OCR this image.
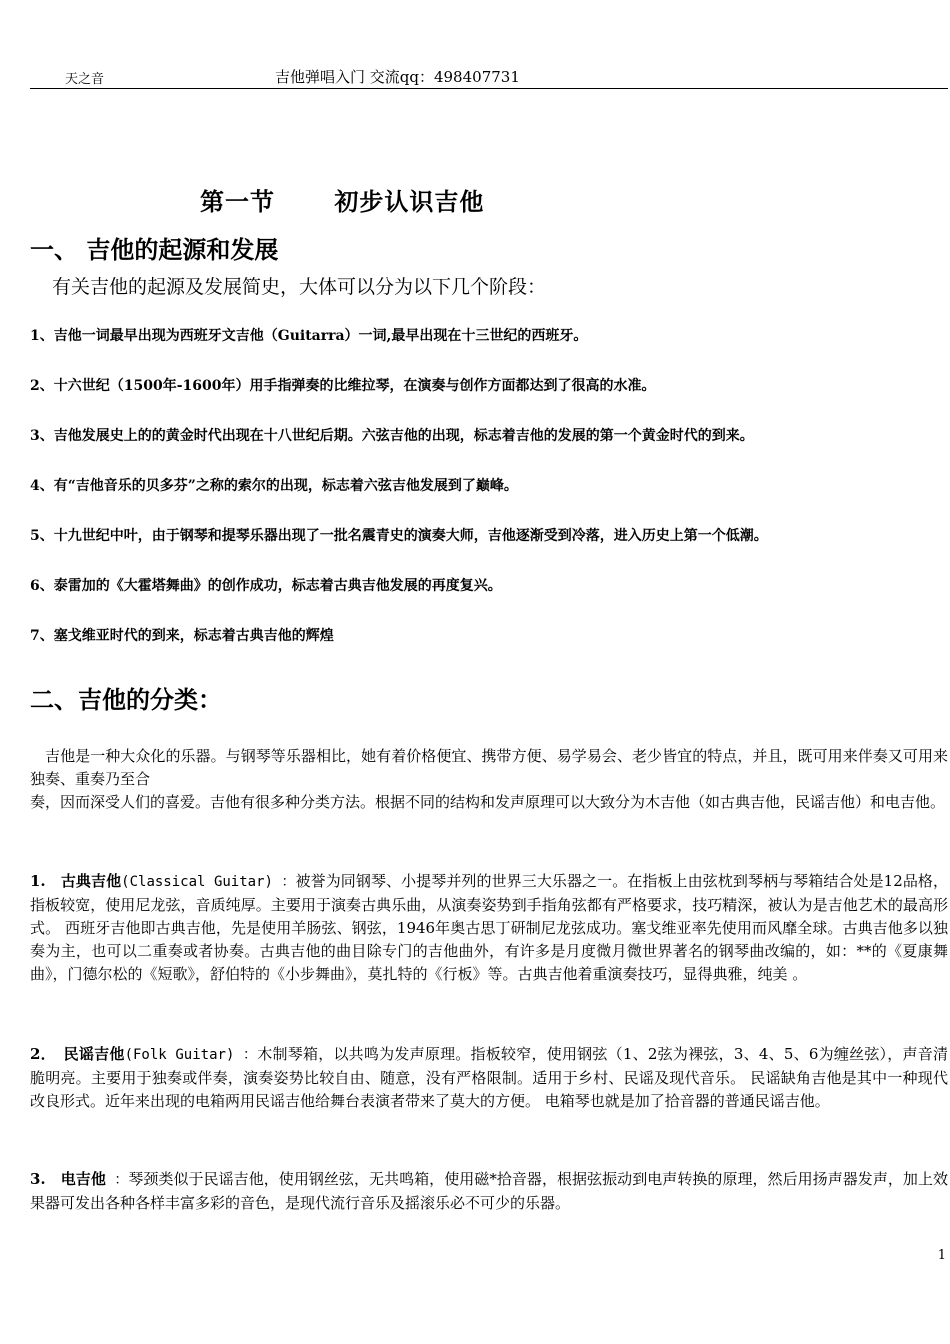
天之音	吉他弹唱入门 交流qq：498407731
第一节　　 初步认识吉他
一、 吉他的起源和发展
有关吉他的起源及发展简史，大体可以分为以下几个阶段：
1、吉他一词最早出现为西班牙文吉他（Guitarra）一词,最早出现在十三世纪的西班牙。
2、十六世纪（1500年-1600年）用手指弹奏的比维拉琴，在演奏与创作方面都达到了很高的水准。
3、吉他发展史上的的黄金时代出现在十八世纪后期。六弦吉他的出现，标志着吉他的发展的第一个黄金时代的到来。
4、有“吉他音乐的贝多芬”之称的索尔的出现，标志着六弦吉他发展到了巅峰。
5、十九世纪中叶，由于钢琴和提琴乐器出现了一批名震青史的演奏大师，吉他逐渐受到冷落，进入历史上第一个低潮。
6、泰雷加的《大霍塔舞曲》的创作成功，标志着古典吉他发展的再度复兴。
7、塞戈维亚时代的到来，标志着古典吉他的辉煌
二、吉他的分类：
　吉他是一种大众化的乐器。与钢琴等乐器相比，她有着价格便宜、携带方便、易学易会、老少皆宜的特点，并且，既可用来伴奏又可用来独奏、重奏乃至合
奏，因而深受人们的喜爱。吉他有很多种分类方法。根据不同的结构和发声原理可以大致分为木吉他（如古典吉他，民谣吉他）和电吉他。
1.　古典吉他(Classical Guitar) ：被誉为同钢琴、小提琴并列的世界三大乐器之一。在指板上由弦枕到琴柄与琴箱结合处是12品格，指板较宽，使用尼龙弦，音质纯厚。主要用于演奏古典乐曲，从演奏姿势到手指角弦都有严格要求，技巧精深，被认为是吉他艺术的最高形式。 西班牙吉他即古典吉他，先是使用羊肠弦、钢弦，1946年奥古思丁研制尼龙弦成功。塞戈维亚率先使用而风靡全球。古典吉他多以独奏为主，也可以二重奏或者协奏。古典吉他的曲目除专门的吉他曲外，有许多是月度微月微世界著名的钢琴曲改编的，如：**的《夏康舞曲》，门德尔松的《短歌》，舒伯特的《小步舞曲》，莫扎特的《行板》等。古典吉他着重演奏技巧，显得典雅，纯美 。
2．　民谣吉他(Folk Guitar) ：木制琴箱，以共鸣为发声原理。指板较窄，使用钢弦（1、2弦为裸弦，3、4、5、6为缠丝弦），声音清脆明亮。主要用于独奏或伴奏，演奏姿势比较自由、随意，没有严格限制。适用于乡村、民谣及现代音乐。 民谣缺角吉他是其中一种现代改良形式。近年来出现的电箱两用民谣吉他给舞台表演者带来了莫大的方便。 电箱琴也就是加了拾音器的普通民谣吉他。
3.　电吉他 ：琴颈类似于民谣吉他，使用钢丝弦，无共鸣箱，使用磁*拾音器，根据弦振动到电声转换的原理，然后用扬声器发声，加上效果器可发出各种各样丰富多彩的音色，是现代流行音乐及摇滚乐必不可少的乐器。
1
